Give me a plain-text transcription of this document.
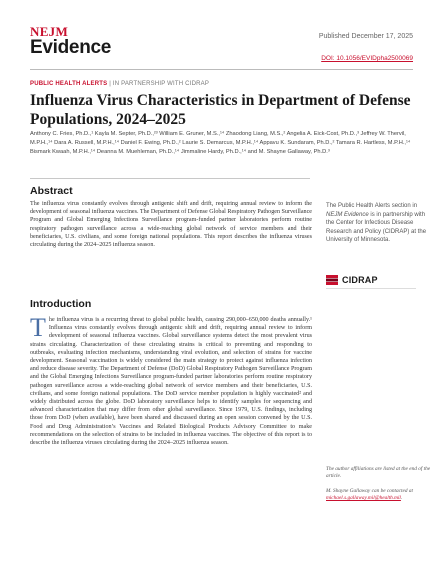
NEJM
Evidence
Published December 17, 2025
DOI: 10.1056/EVIDpha2500069
PUBLIC HEALTH ALERTS | IN PARTNERSHIP WITH CIDRAP
Influenza Virus Characteristics in Department of Defense Populations, 2024–2025
Anthony C. Fries, Ph.D.,¹ Kayla M. Septer, Ph.D.,²³ William E. Gruner, M.S.,¹⁴ Zhaodong Liang, M.S.,² Angelia A. Eick-Cost, Ph.D.,³ Jeffrey W. Thervil, M.P.H.,¹⁴ Dara A. Russell, M.P.H.,¹⁴ Daniel F. Ewing, Ph.D.,² Laurie S. Demarcus, M.P.H.,¹⁴ Appavu K. Sundaram, Ph.D.,² Tamara R. Hartless, M.P.H.,¹⁴ Bismark Kwaah, M.P.H.,¹⁴ Deanna M. Muehleman, Ph.D.,¹⁴ Jimmaline Hardy, Ph.D.,¹⁴ and M. Shayne Gallaway, Ph.D.³
Abstract
The influenza virus constantly evolves through antigenic shift and drift, requiring annual review to inform the development of seasonal influenza vaccines. The Department of Defense Global Respiratory Pathogen Surveillance Program and Global Emerging Infections Surveillance program-funded partner laboratories perform routine respiratory pathogen surveillance across a wide-reaching global network of service members and their beneficiaries, U.S. civilians, and some foreign national populations. This report describes the influenza viruses circulating during the 2024–2025 influenza season.
The Public Health Alerts section in NEJM Evidence is in partnership with the Center for Infectious Disease Research and Policy (CIDRAP) at the University of Minnesota.
CIDRAP
Introduction
The influenza virus is a recurring threat to global public health, causing 290,000–650,000 deaths annually.¹ Influenza virus constantly evolves through antigenic shift and drift, requiring annual review to inform development of seasonal influenza vaccines. Global surveillance systems detect the most prevalent virus strains circulating. Characterization of these circulating strains is critical to preventing and responding to outbreaks, evaluating infection mechanisms, understanding viral evolution, and selection of strains for vaccine development. Seasonal vaccination is widely considered the main strategy to protect against influenza infection and reduce disease severity. The Department of Defense (DoD) Global Respiratory Pathogen Surveillance Program and the Global Emerging Infections Surveillance program-funded partner laboratories perform routine respiratory pathogen surveillance across a wide-reaching global network of service members and their beneficiaries, U.S. civilians, and some foreign national populations. The DoD service member population is highly vaccinated² and widely distributed across the globe. DoD laboratory surveillance helps to identify samples for sequencing and advanced characterization that may differ from other global surveillance. Since 1979, U.S. findings, including those from DoD (when available), have been shared and discussed during an open session convened by the U.S. Food and Drug Administration’s Vaccines and Related Biological Products Advisory Committee to make recommendations on the selection of strains to be included in influenza vaccines. The objective of this report is to describe the influenza viruses circulating during the 2024–2025 influenza season.
The author affiliations are listed at the end of the article.
M. Shayne Gallaway can be contacted at michael.s.gallaway.mil@health.mil.
